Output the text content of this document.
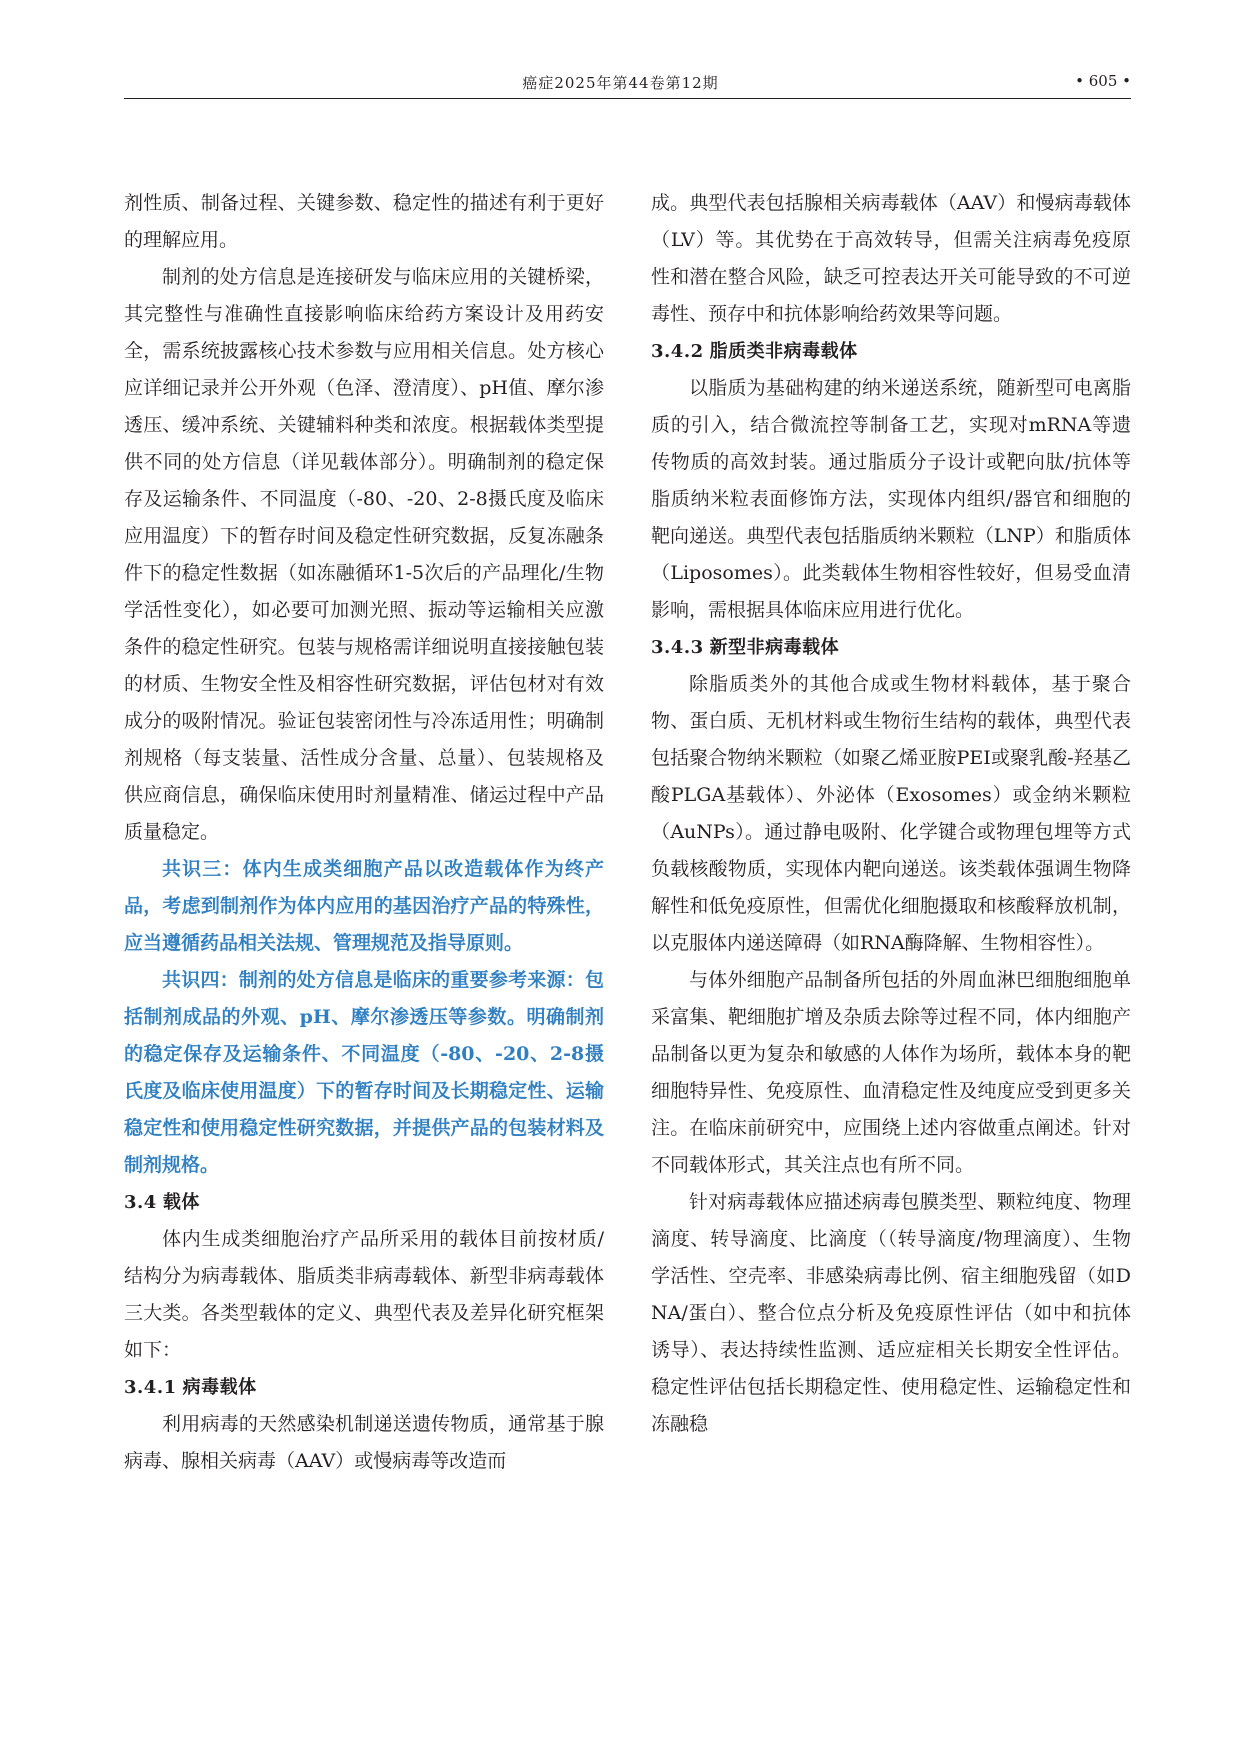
癌症2025年第44卷第12期	• 605 •

剂性质、制备过程、关键参数、稳定性的描述有利于更好的理解应用。

制剂的处方信息是连接研发与临床应用的关键桥梁，其完整性与准确性直接影响临床给药方案设计及用药安全，需系统披露核心技术参数与应用相关信息。处方核心应详细记录并公开外观（色泽、澄清度）、pH值、摩尔渗透压、缓冲系统、关键辅料种类和浓度。根据载体类型提供不同的处方信息（详见载体部分）。明确制剂的稳定保存及运输条件、不同温度（-80、-20、2-8摄氏度及临床应用温度）下的暂存时间及稳定性研究数据，反复冻融条件下的稳定性数据（如冻融循环1-5次后的产品理化/生物学活性变化），如必要可加测光照、振动等运输相关应激条件的稳定性研究。包装与规格需详细说明直接接触包装的材质、生物安全性及相容性研究数据，评估包材对有效成分的吸附情况。验证包装密闭性与冷冻适用性；明确制剂规格（每支装量、活性成分含量、总量）、包装规格及供应商信息，确保临床使用时剂量精准、储运过程中产品质量稳定。

共识三：体内生成类细胞产品以改造载体作为终产品，考虑到制剂作为体内应用的基因治疗产品的特殊性，应当遵循药品相关法规、管理规范及指导原则。

共识四：制剂的处方信息是临床的重要参考来源：包括制剂成品的外观、pH、摩尔渗透压等参数。明确制剂的稳定保存及运输条件、不同温度（-80、-20、2-8摄氏度及临床使用温度）下的暂存时间及长期稳定性、运输稳定性和使用稳定性研究数据，并提供产品的包装材料及制剂规格。

3.4 载体

体内生成类细胞治疗产品所采用的载体目前按材质/结构分为病毒载体、脂质类非病毒载体、新型非病毒载体三大类。各类型载体的定义、典型代表及差异化研究框架如下：

3.4.1 病毒载体

利用病毒的天然感染机制递送遗传物质，通常基于腺病毒、腺相关病毒（AAV）或慢病毒等改造而

成。典型代表包括腺相关病毒载体（AAV）和慢病毒载体（LV）等。其优势在于高效转导，但需关注病毒免疫原性和潜在整合风险，缺乏可控表达开关可能导致的不可逆毒性、预存中和抗体影响给药效果等问题。

3.4.2 脂质类非病毒载体

以脂质为基础构建的纳米递送系统，随新型可电离脂质的引入，结合微流控等制备工艺，实现对mRNA等遗传物质的高效封装。通过脂质分子设计或靶向肽/抗体等脂质纳米粒表面修饰方法，实现体内组织/器官和细胞的靶向递送。典型代表包括脂质纳米颗粒（LNP）和脂质体（Liposomes）。此类载体生物相容性较好，但易受血清影响，需根据具体临床应用进行优化。

3.4.3 新型非病毒载体

除脂质类外的其他合成或生物材料载体，基于聚合物、蛋白质、无机材料或生物衍生结构的载体，典型代表包括聚合物纳米颗粒（如聚乙烯亚胺PEI或聚乳酸-羟基乙酸PLGA基载体）、外泌体（Exosomes）或金纳米颗粒（AuNPs）。通过静电吸附、化学键合或物理包埋等方式负载核酸物质，实现体内靶向递送。该类载体强调生物降解性和低免疫原性，但需优化细胞摄取和核酸释放机制，以克服体内递送障碍（如RNA酶降解、生物相容性）。

与体外细胞产品制备所包括的外周血淋巴细胞细胞单采富集、靶细胞扩增及杂质去除等过程不同，体内细胞产品制备以更为复杂和敏感的人体作为场所，载体本身的靶细胞特异性、免疫原性、血清稳定性及纯度应受到更多关注。在临床前研究中，应围绕上述内容做重点阐述。针对不同载体形式，其关注点也有所不同。

针对病毒载体应描述病毒包膜类型、颗粒纯度、物理滴度、转导滴度、比滴度（（转导滴度/物理滴度）、生物学活性、空壳率、非感染病毒比例、宿主细胞残留（如DNA/蛋白）、整合位点分析及免疫原性评估（如中和抗体诱导）、表达持续性监测、适应症相关长期安全性评估。稳定性评估包括长期稳定性、使用稳定性、运输稳定性和冻融稳
